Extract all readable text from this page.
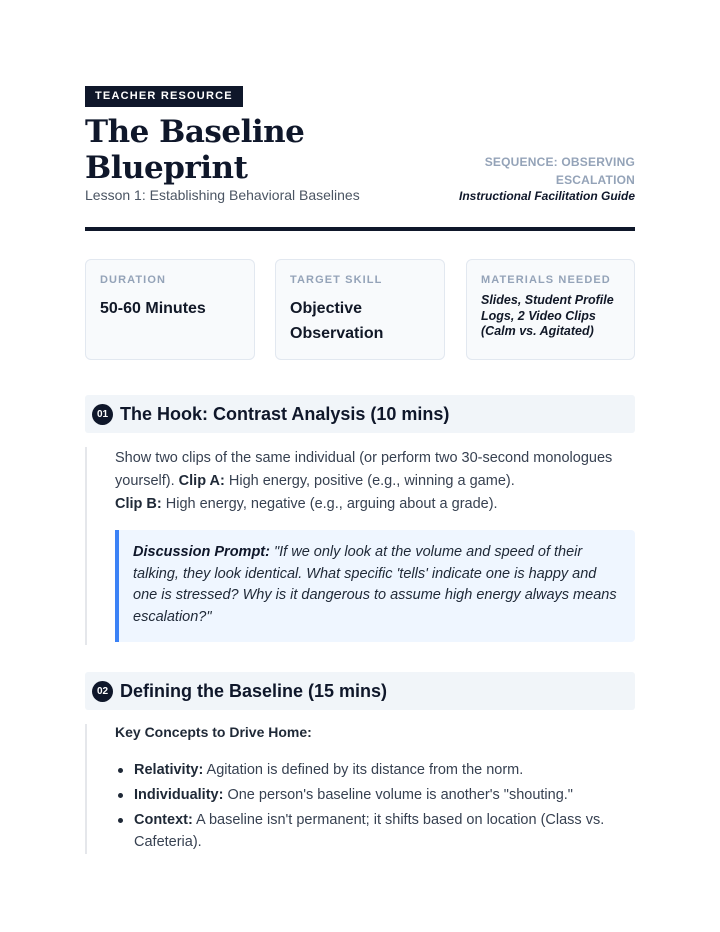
TEACHER RESOURCE
The Baseline Blueprint
Lesson 1: Establishing Behavioral Baselines
SEQUENCE: OBSERVING ESCALATION
Instructional Facilitation Guide
DURATION
50-60 Minutes
TARGET SKILL
Objective Observation
MATERIALS NEEDED
Slides, Student Profile Logs, 2 Video Clips (Calm vs. Agitated)
01 The Hook: Contrast Analysis (10 mins)

Show two clips of the same individual (or perform two 30-second monologues yourself). Clip A: High energy, positive (e.g., winning a game).
Clip B: High energy, negative (e.g., arguing about a grade).

Discussion Prompt: "If we only look at the volume and speed of their talking, they look identical. What specific 'tells' indicate one is happy and one is stressed? Why is it dangerous to assume high energy always means escalation?"
02 Defining the Baseline (15 mins)
Key Concepts to Drive Home:
Relativity: Agitation is defined by its distance from the norm.
Individuality: One person's baseline volume is another's "shouting."
Context: A baseline isn't permanent; it shifts based on location (Class vs. Cafeteria).
